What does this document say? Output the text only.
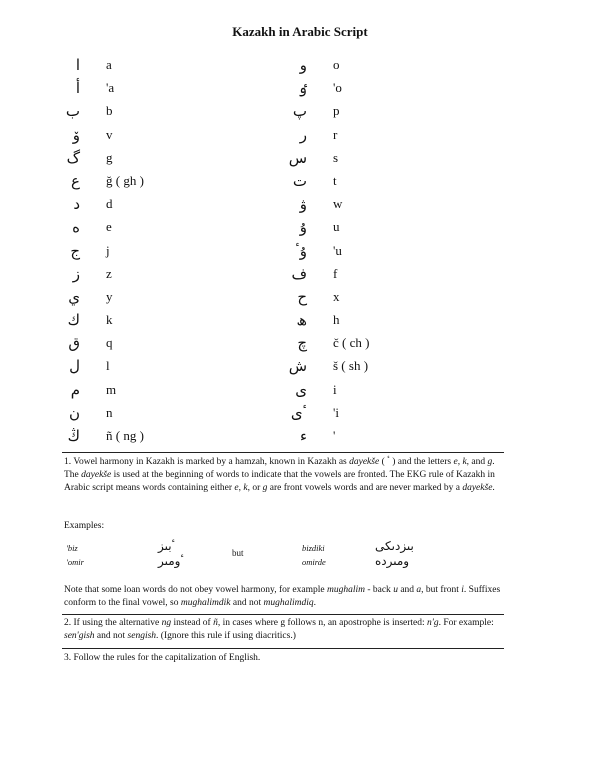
Kazakh in Arabic Script
ا a
أ 'a
ب b
ۆ v
گ g
ع ğ ( gh )
د d
ه e
ج j
ز z
ي y
ك k
ق q
ل l
م m
ن n
ڭ ñ ( ng )
و o
ٶ 'o
پ p
ر r
س s
ت t
ۋ w
ۇ u
ۇٴ 'u
ف f
ح x
ھ h
چ č ( ch )
ش š ( sh )
ى i
ٴى 'i
ء '
1. Vowel harmony in Kazakh is marked by a hamzah, known in Kazakh as dayekše ( ٴ ) and the letters e, k, and g. The dayekše is used at the beginning of words to indicate that the vowels are fronted. The EKG rule of Kazakh in Arabic script means words containing either e, k, or g are front vowels words and are never marked by a dayekše.
Examples:
'biz
'omir
ٴبىز
ٴومىر
but	bizdiki
omirde
بىزدىكى
ومىردە
Note that some loan words do not obey vowel harmony, for example mughalim - back u and a, but front i. Suffixes conform to the final vowel, so mughalimdik and not mughalimdiq.
2. If using the alternative ng instead of ñ, in cases where g follows n, an apostrophe is inserted: n'g. For example: sen'gish and not sengish. (Ignore this rule if using diacritics.)
3. Follow the rules for the capitalization of English.
